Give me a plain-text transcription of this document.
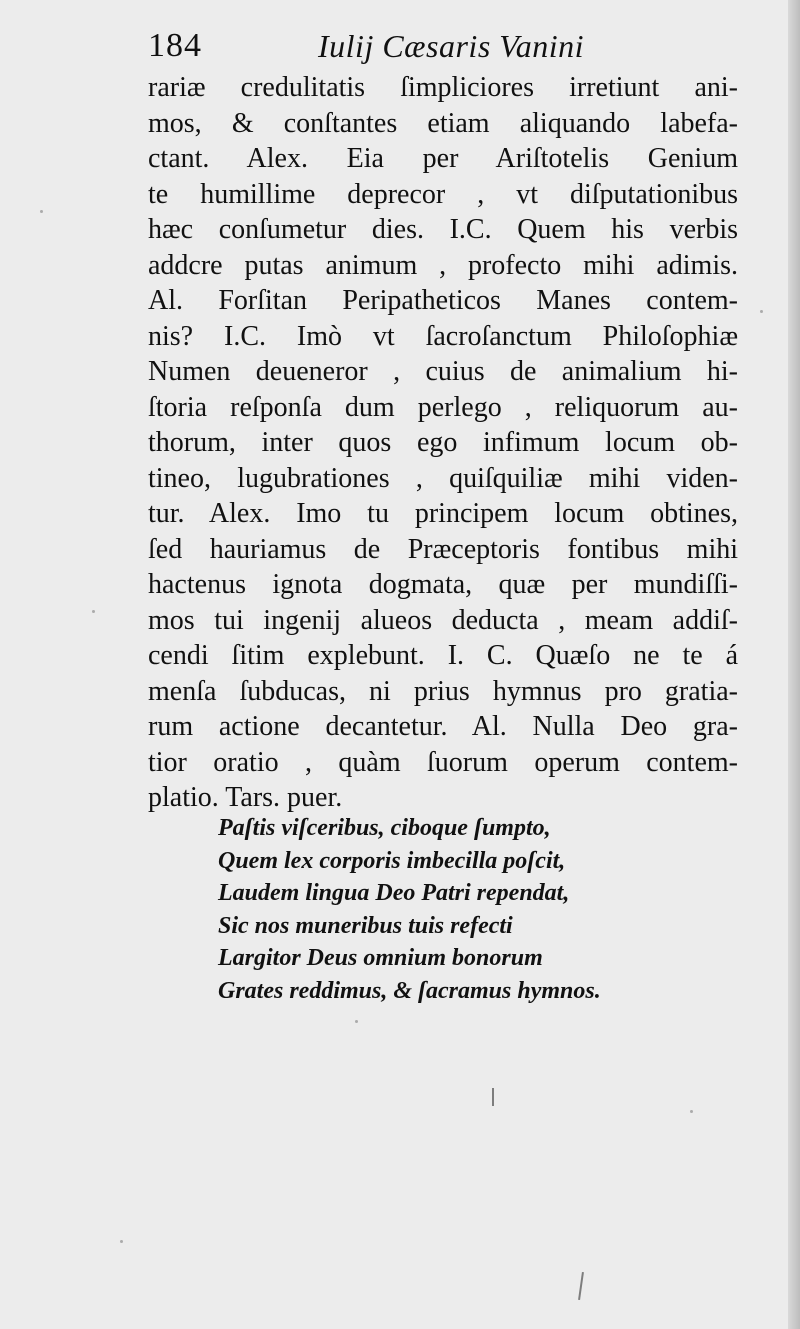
184	Iulij Cæsaris Vanini
rariæ credulitatis ſimpliciores irretiunt ani-
mos, & conſtantes etiam aliquando labefa-
ctant. Alex. Eia per Ariſtotelis Genium
te humillime deprecor , vt diſputationibus
hæc conſumetur dies. I.C. Quem his verbis
addcre putas animum , profecto mihi adimis.
Al. Forſitan Peripatheticos Manes contem-
nis? I.C. Imò vt ſacroſanctum Philoſophiæ
Numen deueneror , cuius de animalium hi-
ſtoria reſponſa dum perlego , reliquorum au-
thorum, inter quos ego infimum locum ob-
tineo, lugubrationes , quiſquiliæ mihi viden-
tur. Alex. Imo tu principem locum obtines,
ſed hauriamus de Præceptoris fontibus mihi
hactenus ignota dogmata, quæ per mundiſſi-
mos tui ingenij alueos deducta , meam addiſ-
cendi ſitim explebunt. I. C. Quæſo ne te á
menſa ſubducas, ni prius hymnus pro gratia-
rum actione decantetur. Al. Nulla Deo gra-
tior oratio , quàm ſuorum operum contem-
platio. Tars. puer.
Paſtis viſceribus, ciboque ſumpto,
Quem lex corporis imbecilla poſcit,
Laudem lingua Deo Patri rependat,
Sic nos muneribus tuis refecti
Largitor Deus omnium bonorum
Grates reddimus, & ſacramus hymnos.
